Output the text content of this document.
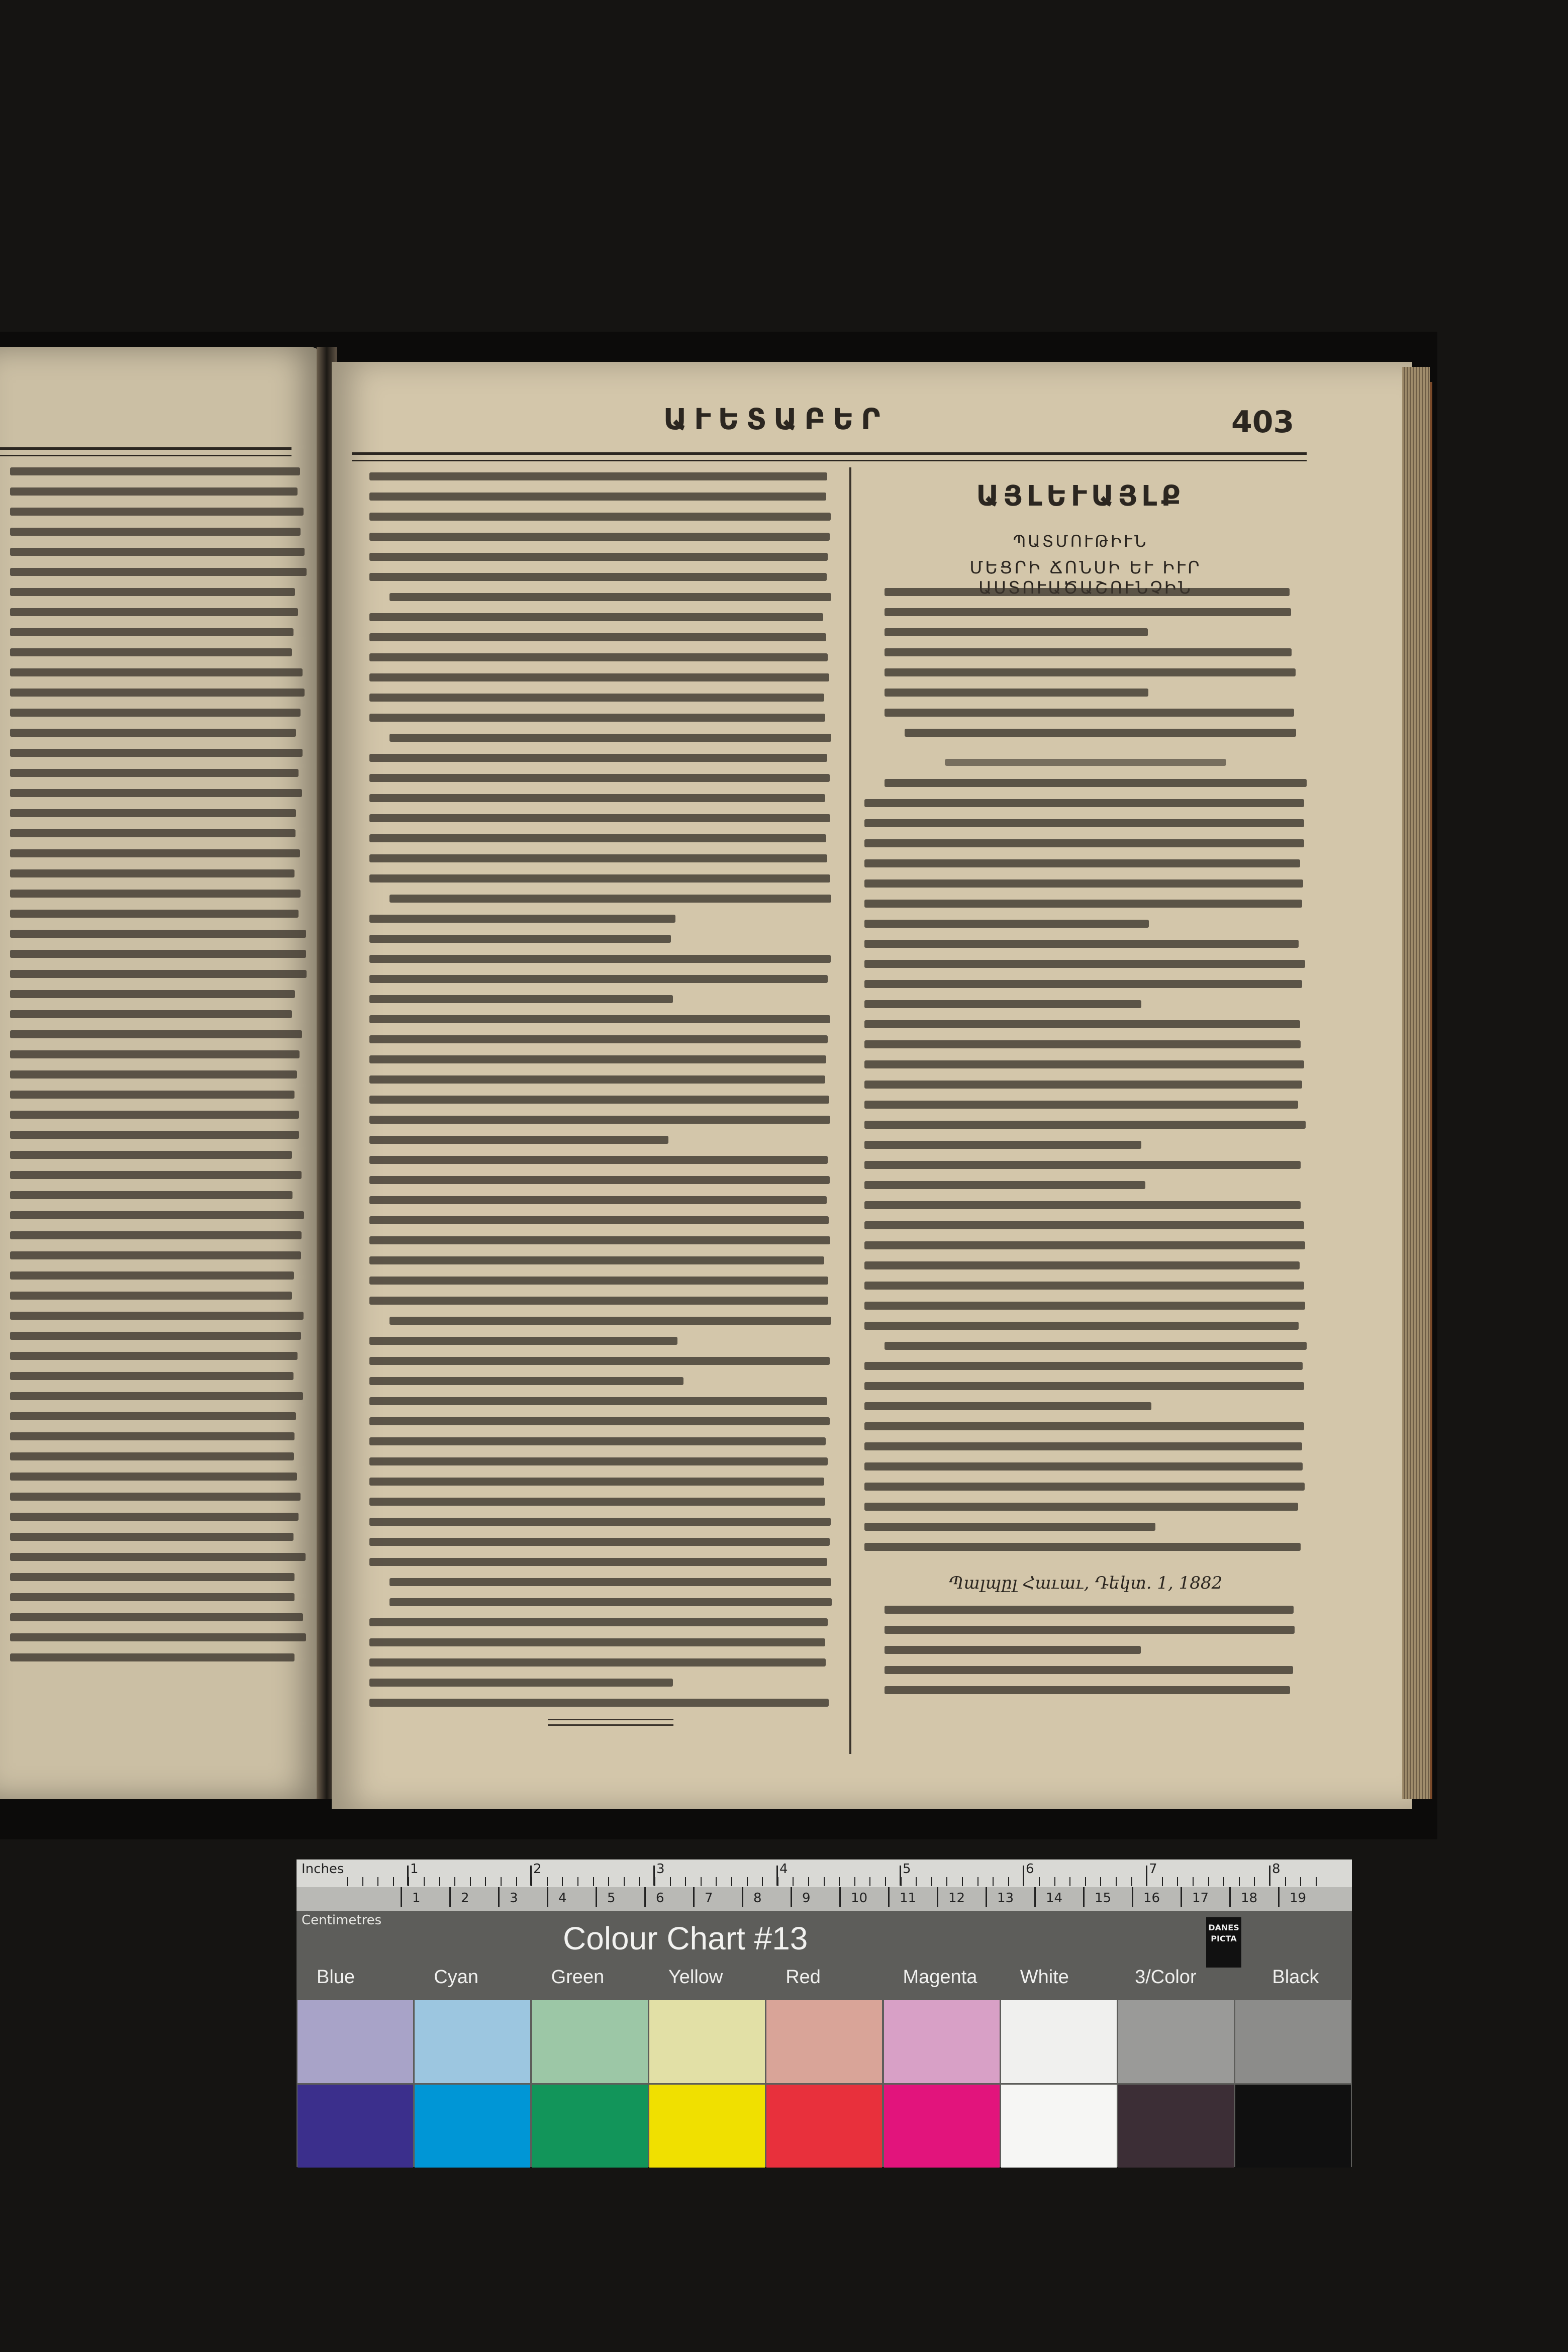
ԱՒԵՏԱԲԵՐ	403
ԱՅԼԵՒԱՅԼՔ
ՊԱՏՄՈՒԹԻՒՆ
ՄԵՑՐԻ ՃՈՆՍԻ ԵՒ ԻՒՐ
Պալպըլ Հաւաւ, Դեկտ. 1, 1882
Inches
Centimetres
1	2	3	4	5	6	7	8
1	2	3	4	5	6	7	8	9	10 11 12 13 14 15 16 17 18 19
Colour Chart #13	DANES
PICTA
Blue	Cyan	Green	Yellow	Red	Magenta White	3/Color	Black
